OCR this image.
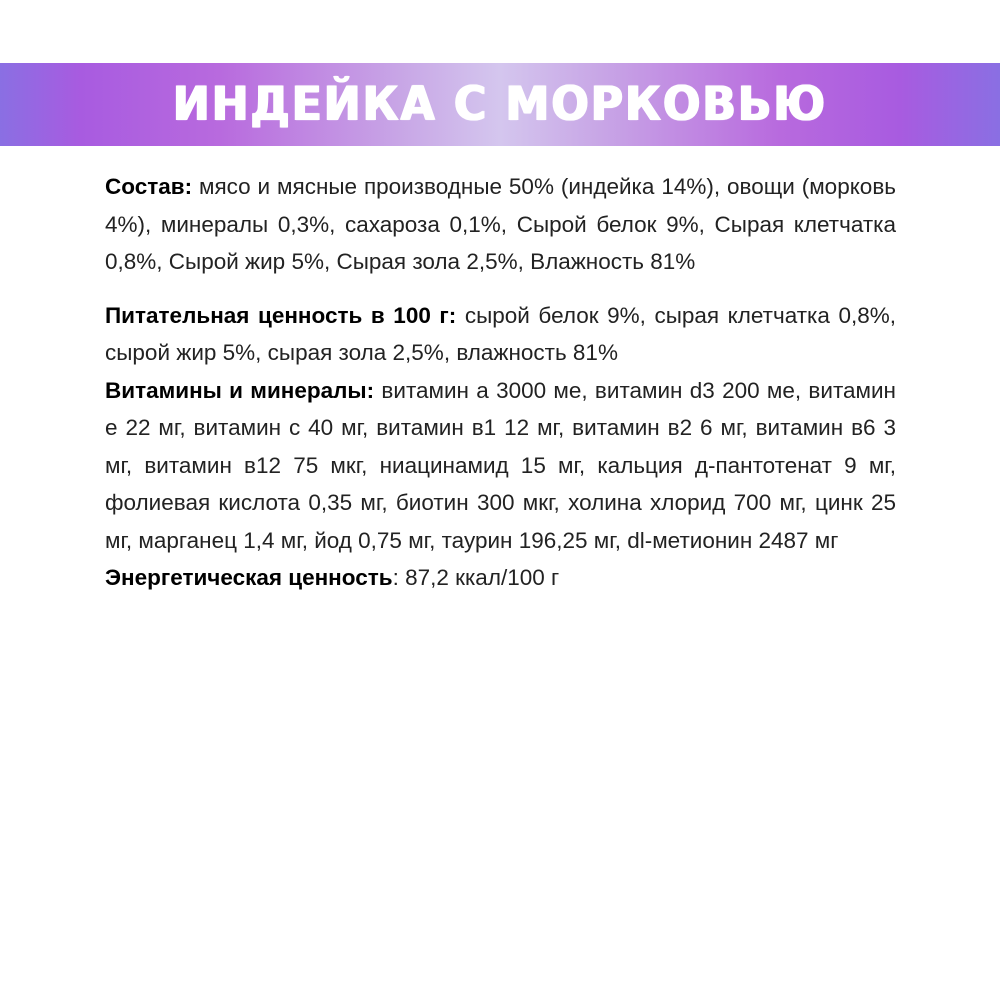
ИНДЕЙКА С МОРКОВЬЮ

Состав: мясо и мясные производные 50% (индейка 14%), овощи (морковь 4%), минералы 0,3%, сахароза 0,1%, Сырой белок 9%, Сырая клетчатка 0,8%, Сырой жир 5%, Сырая зола 2,5%, Влажность 81%

Питательная ценность в 100 г: сырой белок 9%, сырая клетчатка 0,8%, сырой жир 5%, сырая зола 2,5%, влажность 81%

Витамины и минералы: витамин а 3000 ме, витамин d3 200 ме, витамин е 22 мг, витамин с 40 мг, витамин в1 12 мг, витамин в2 6 мг, витамин в6 3 мг, витамин в12 75 мкг, ниацинамид 15 мг, кальция д-пантотенат 9 мг, фолиевая кислота 0,35 мг, биотин 300 мкг, холина хлорид 700 мг, цинк 25 мг, марганец 1,4 мг, йод 0,75 мг, таурин 196,25 мг, dl-метионин 2487 мг

Энергетическая ценность: 87,2 ккал/100 г
